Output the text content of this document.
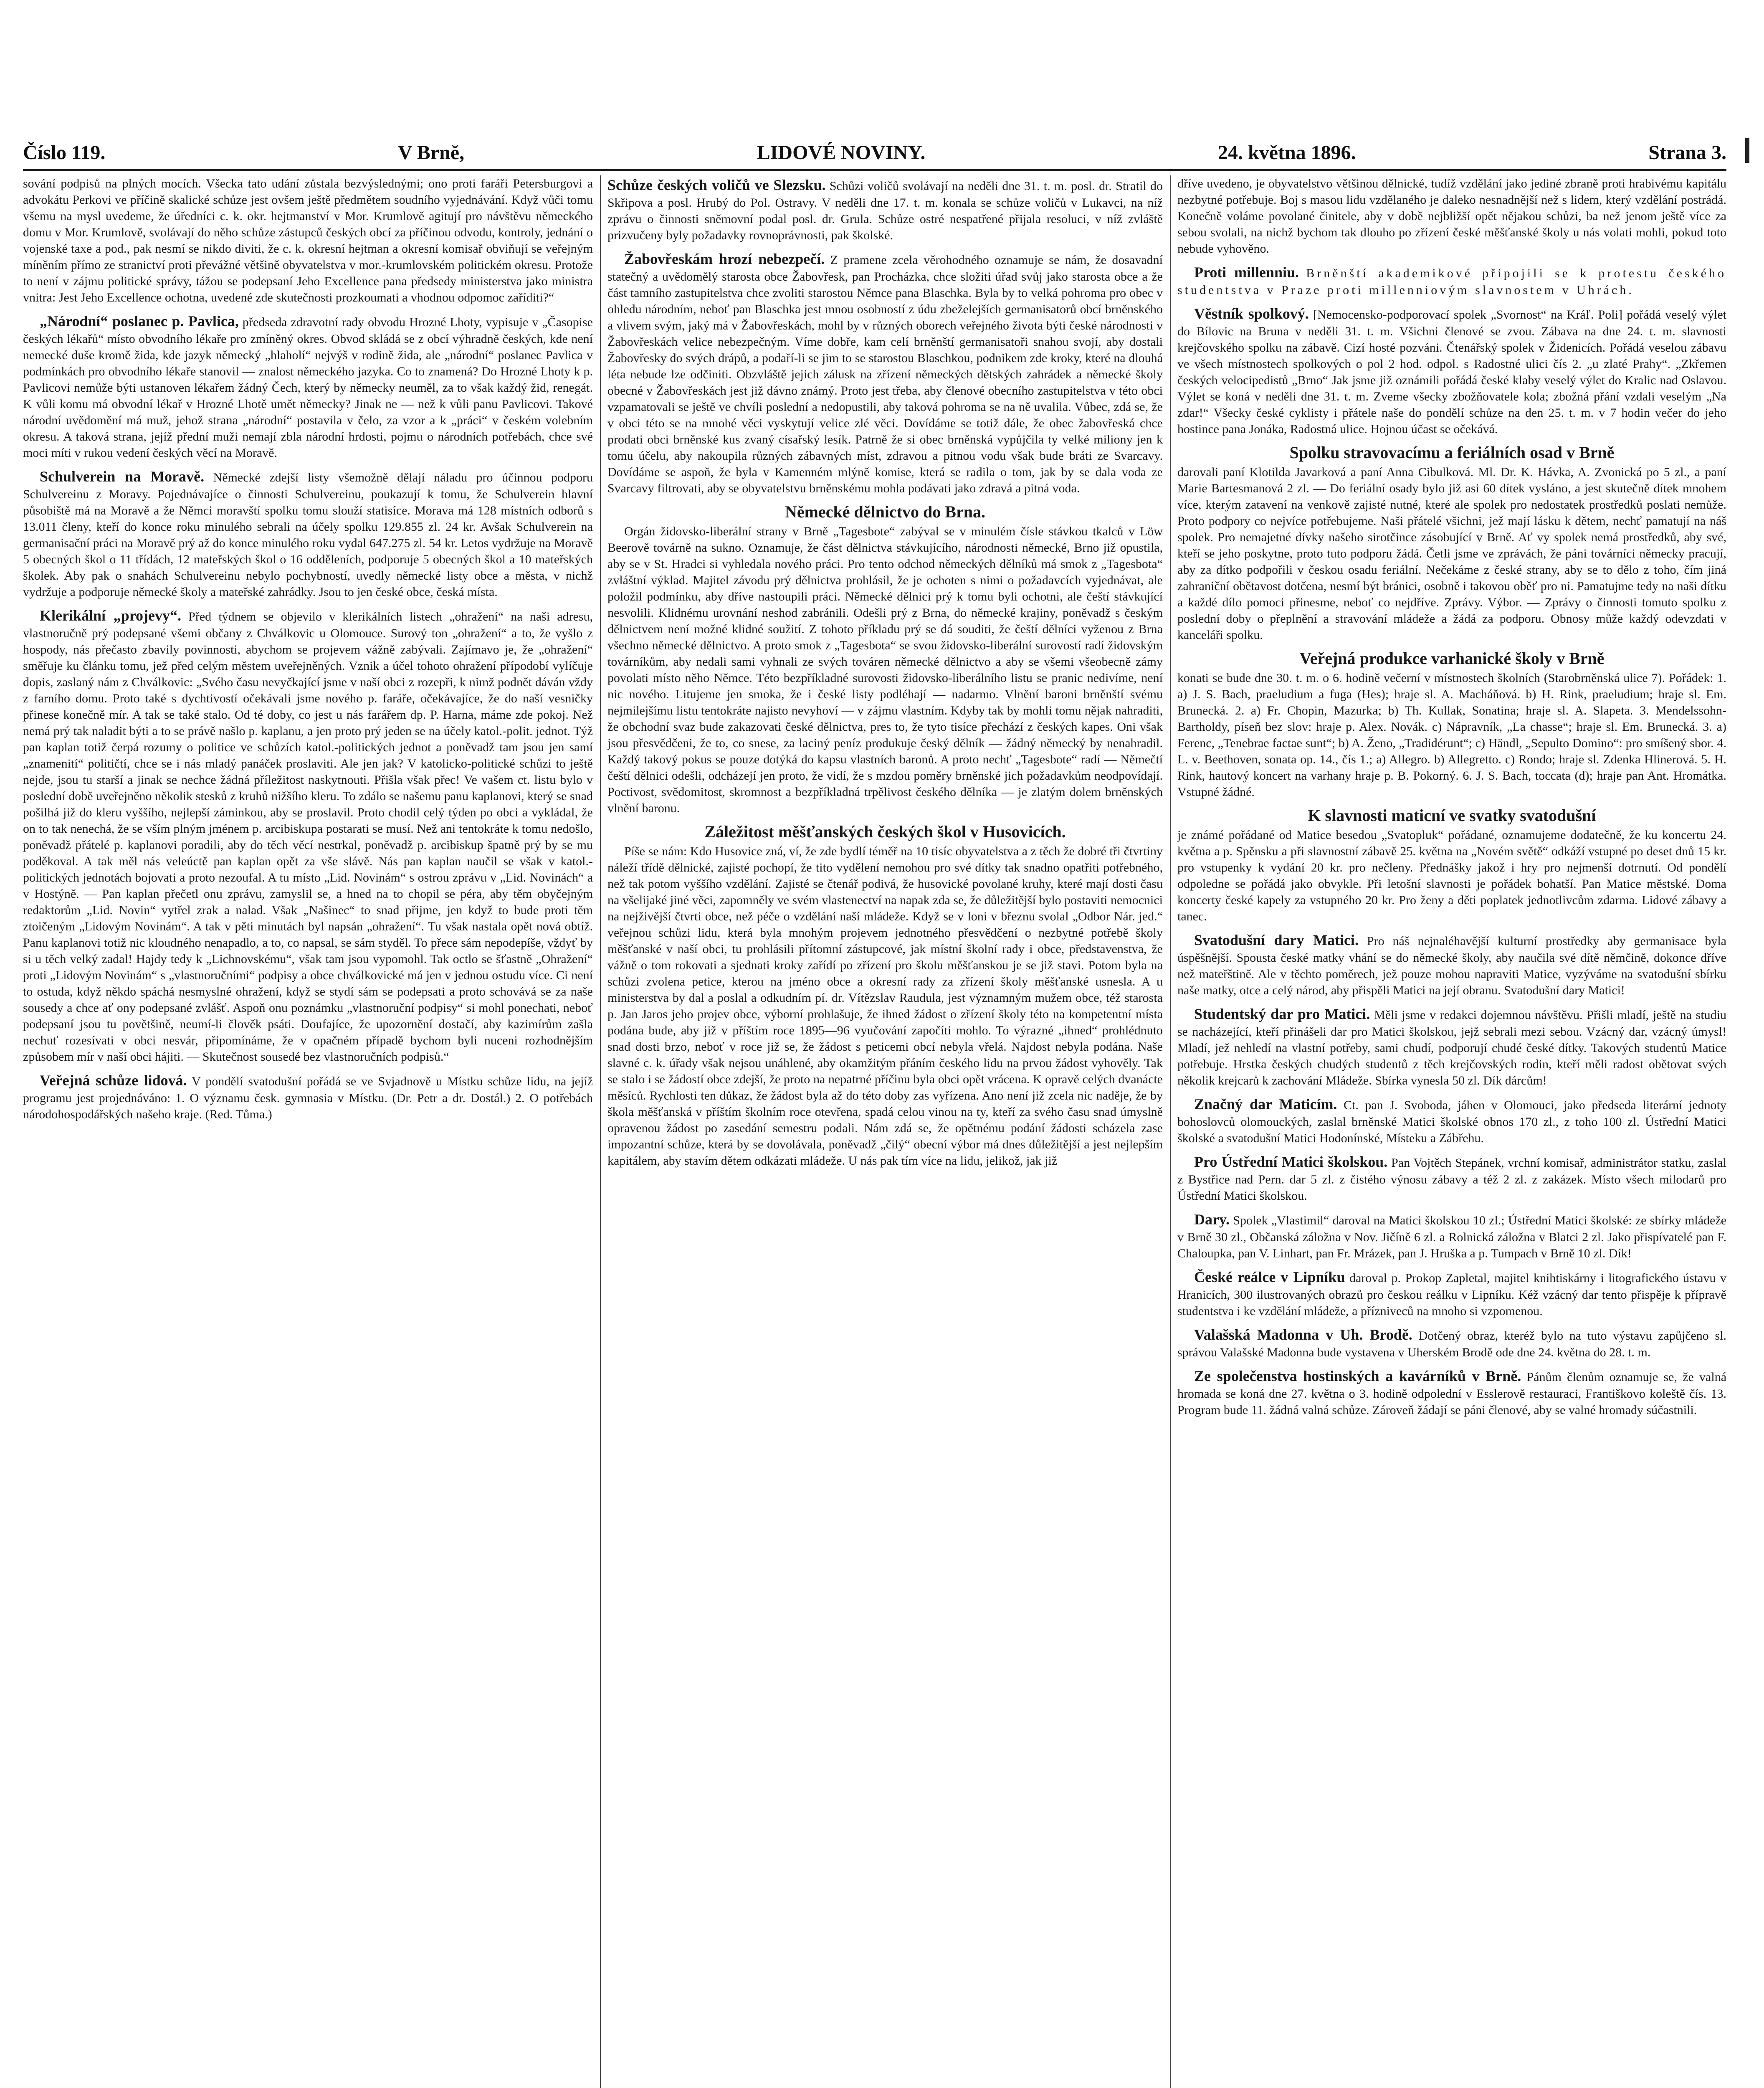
Číslo 119.	V Brně,	LIDOVÉ NOVINY.	24. května 1896.	Strana 3.

sování podpisů na plných mocích. Všecka tato udání zůstala bezvýslednými; ono proti faráři Petersburgovi a advokátu Perkovi ve příčině skalické schůze jest ovšem ještě předmětem soudního vyjednávání. Když vůči tomu všemu na mysl uvedeme, že úředníci c. k. okr. hejtmanství v Mor. Krumlově agitují pro návštěvu německého domu v Mor. Krumlově, svolávají do něho schůze zástupců českých obcí za příčinou odvodu, kontroly, jednání o vojenské taxe a pod., pak nesmí se nikdo diviti, že c. k. okresní hejtman a okresní komisař obviňují se veřejným míněním přímo ze stranictví proti převážné většině obyvatelstva v mor.-krumlovském politickém okresu. Protože to není v zájmu politické správy, tážou se podepsaní Jeho Excellence pana předsedy ministerstva jako ministra vnitra: Jest Jeho Excellence ochotna, uvedené zde skutečnosti prozkoumati a vhodnou odpomoc zaříditi?“

„Národní“ poslanec p. Pavlica, předseda zdravotní rady obvodu Hrozné Lhoty, vypisuje v „Časopise českých lékařů“ místo obvodního lékaře pro zmíněný okres. Obvod skládá se z obcí výhradně českých, kde není nemecké duše kromě žida, kde jazyk německý „hlaholí“ nejvýš v rodině žida, ale „národní“ poslanec Pavlica v podmínkách pro obvodního lékaře stanovil — znalost německého jazyka. Co to znamená? Do Hrozné Lhoty k p. Pavlicovi nemůže býti ustanoven lékařem žádný Čech, který by německy neuměl, za to však každý žid, renegát. K vůli komu má obvodní lékař v Hrozné Lhotě umět německy? Jinak ne — než k vůli panu Pavlicovi. Takové národní uvědomění má muž, jehož strana „národní“ postavila v čelo, za vzor a k „práci“ v českém volebním okresu. A taková strana, jejíž přední muži nemají zbla národní hrdosti, pojmu o národních potřebách, chce své moci míti v rukou vedení českých věcí na Moravě.

Schulverein na Moravě. Německé zdejší listy všemožně dělají náladu pro účinnou podporu Schulvereinu z Moravy. Pojednávajíce o činnosti Schulvereinu, poukazují k tomu, že Schulverein hlavní působiště má na Moravě a že Němci moravští spolku tomu slouží statisíce. Morava má 128 místních odborů s 13.011 členy, kteří do konce roku minulého sebrali na účely spolku 129.855 zl. 24 kr. Avšak Schulverein na germanisační práci na Moravě prý až do konce minulého roku vydal 647.275 zl. 54 kr. Letos vydržuje na Moravě 5 obecných škol o 11 třídách, 12 mateřských škol o 16 odděleních, podporuje 5 obecných škol a 10 mateřských školek. Aby pak o snahách Schulvereinu nebylo pochybností, uvedly německé listy obce a města, v nichž vydržuje a podporuje německé školy a mateřské zahrádky. Jsou to jen české obce, česká místa.

Klerikální „projevy“. Před týdnem se objevilo v klerikálních listech „ohražení“ na naši adresu, vlastnoručně prý podepsané všemi občany z Chválkovic u Olomouce. Surový ton „ohražení“ a to, že vyšlo z hospody, nás přečasto zbavily povinnosti, abychom se projevem vážně zabývali. Zajímavo je, že „ohražení“ směřuje ku článku tomu, jež před celým městem uveřejněných. Vznik a účel tohoto ohražení přípodobí vylíčuje dopis, zaslaný nám z Chválkovic: „Svého času nevyčkající jsme v naší obci z rozepři, k nimž podnět dáván vždy z farního domu. Proto také s dychtivostí očekávali jsme nového p. faráře, očekávajíce, že do naší vesničky přinese konečně mír. A tak se také stalo. Od té doby, co jest u nás farářem dp. P. Harna, máme zde pokoj. Než nemá prý tak naladit býti a to se právě našlo p. kaplanu, a jen proto prý jeden se na účely katol.-polit. jednot. Týž pan kaplan totiž čerpá rozumy o politice ve schůzích katol.-politických jednot a poněvadž tam jsou jen samí „znamenití“ političtí, chce se i nás mladý panáček proslaviti. Ale jen jak? V katolicko-politické schůzi to ještě nejde, jsou tu starší a jinak se nechce žádná příležitost naskytnouti. Přišla však přec! Ve vašem ct. listu bylo v poslední době uveřejněno několik stesků z kruhů nižšího kleru. To zdálo se našemu panu kaplanovi, který se snad pošilhá již do kleru vyššího, nejlepší záminkou, aby se proslavil. Proto chodil celý týden po obci a vykládal, že on to tak nenechá, že se vším plným jménem p. arcibiskupa postarati se musí. Než ani tentokráte k tomu nedošlo, poněvadž přátelé p. kaplanovi poradili, aby do těch věcí nestrkal, poněvadž p. arcibiskup špatně prý by se mu poděkoval. A tak měl nás veleúctě pan kaplan opět za vše slávě. Nás pan kaplan naučil se však v katol.-politických jednotách bojovati a proto nezoufal. A tu místo „Lid. Novinám“ s ostrou zprávu v „Lid. Novinách“ a v Hostýně. — Pan kaplan přečetl onu zprávu, zamyslil se, a hned na to chopil se péra, aby těm obyčejným redaktorům „Lid. Novin“ vytřel zrak a nalad. Však „Našinec“ to snad přijme, jen když to bude proti těm ztoičeným „Lidovým Novinám“. A tak v pěti minutách byl napsán „ohražení“. Tu však nastala opět nová obtíž. Panu kaplanovi totiž nic kloudného nenapadlo, a to, co napsal, se sám styděl. To přece sám nepodepíše, vždyť by si u těch velký zadal! Hajdy tedy k „Lichnovskému“, však tam jsou vypomohl. Tak octlo se šťastně „Ohražení“ proti „Lidovým Novinám“ s „vlastnoručními“ podpisy a obce chválkovické má jen v jednou ostudu více. Ci není to ostuda, když někdo spáchá nesmyslné ohražení, když se stydí sám se podepsati a proto schovává se za naše sousedy a chce ať ony podepsané zvlášť. Aspoň onu poznámku „vlastnoruční podpisy“ si mohl ponechati, neboť podepsaní jsou tu povětšině, neumí-li člověk psáti. Doufajíce, že upozornění dostačí, aby kazimírům zašla nechuť rozesívati v obci nesvár, připomínáme, že v opačném případě bychom byli nuceni rozhodnějším způsobem mír v naší obci hájiti. — Skutečnost sousedé bez vlastnoručních podpisů.“

Veřejná schůze lidová. V pondělí svatodušní pořádá se ve Svjadnově u Místku schůze lidu, na jejíž programu jest projednáváno: 1. O významu česk. gymnasia v Místku. (Dr. Petr a dr. Dostál.) 2. O potřebách národohospodářských našeho kraje. (Red. Tůma.)

Schůze českých voličů ve Slezsku. Schůzi voličů svolávají na neděli dne 31. t. m. posl. dr. Stratil do Skřipova a posl. Hrubý do Pol. Ostravy. V neděli dne 17. t. m. konala se schůze voličů v Lukavci, na níž zprávu o činnosti sněmovní podal posl. dr. Grula. Schůze ostré nespatřené přijala resoluci, v níž zvláště prizvučeny byly požadavky rovnoprávnosti, pak školské.

Žabovřeskám hrozí nebezpečí. Z pramene zcela věrohodného oznamuje se nám, že dosavadní statečný a uvědomělý starosta obce Žabovřesk, pan Procházka, chce složiti úřad svůj jako starosta obce a že část tamního zastupitelstva chce zvoliti starostou Němce pana Blaschka. Byla by to velká pohroma pro obec v ohledu národním, neboť pan Blaschka jest mnou osobností z údu zbeželejších germanisatorů obcí brněnského a vlivem svým, jaký má v Žabovřeskách, mohl by v různých oborech veřejného života býti české národnosti v Žabovřeskách velice nebezpečným. Víme dobře, kam celí brněnští germanisatoři snahou svojí, aby dostali Žabovřesky do svých drápů, a podaří-li se jim to se starostou Blaschkou, podnikem zde kroky, které na dlouhá léta nebude lze odčiniti. Obzvláště jejich zálusk na zřízení německých dětských zahrádek a německé školy obecné v Žabovřeskách jest již dávno známý. Proto jest třeba, aby členové obecního zastupitelstva v této obci vzpamatovali se ještě ve chvíli poslední a nedopustili, aby taková pohroma se na ně uvalila. Vůbec, zdá se, že v obci této se na mnohé věci vyskytují velice zlé věci. Dovídáme se totiž dále, že obec žabovřeská chce prodati obci brněnské kus zvaný císařský lesík. Patrně že si obec brněnská vypůjčila ty velké miliony jen k tomu účelu, aby nakoupila různých zábavných míst, zdravou a pitnou vodu však bude bráti ze Svarcavy. Dovídáme se aspoň, že byla v Kamenném mlýně komise, která se radila o tom, jak by se dala voda ze Svarcavy filtrovati, aby se obyvatelstvu brněnskému mohla podávati jako zdravá a pitná voda.

Německé dělnictvo do Brna.

Orgán židovsko-liberální strany v Brně „Tagesbote“ zabýval se v minulém čísle stávkou tkalců v Löw Beerově továrně na sukno. Oznamuje, že část dělnictva stávkujícího, národnosti německé, Brno již opustila, aby se v St. Hradci si vyhledala nového práci. Pro tento odchod německých dělníků má smok z „Tagesbota“ zvláštní výklad. Majitel závodu prý dělnictva prohlásil, že je ochoten s nimi o požadavcích vyjednávat, ale položil podmínku, aby dříve nastoupili práci. Německé dělnici prý k tomu byli ochotni, ale čeští stávkující nesvolili. Klidnému urovnání neshod zabránili. Odešli prý z Brna, do německé krajiny, poněvadž s českým dělnictvem není možné klidné soužití. Z tohoto příkladu prý se dá souditi, že čeští dělníci vyženou z Brna všechno německé dělnictvo. A proto smok z „Tagesbota“ se svou židovsko-liberální surovostí radí židovským továrníkům, aby nedali sami vyhnali ze svých továren německé dělnictvo a aby se všemi všeobecně zámy povolati místo něho Němce. Této bezpříkladné surovosti židovsko-liberálního listu se pranic nedivíme, není nic nového. Litujeme jen smoka, že i české listy podléhají — nadarmo. Vlnění baroni brněnští svému nejmilejšímu listu tentokráte najisto nevyhoví — v zájmu vlastním. Kdyby tak by mohli tomu nějak nahraditi, že obchodní svaz bude zakazovati české dělnictva, pres to, že tyto tisíce přechází z českých kapes. Oni však jsou přesvědčeni, že to, co snese, za laciný peníz produkuje český dělník — žádný německý by nenahradil. Každý takový pokus se pouze dotýká do kapsu vlastních baronů. A proto nechť „Tagesbote“ radí — Němečtí čeští dělnici odešli, odcházejí jen proto, že vidí, že s mzdou poměry brněnské jich požadavkům neodpovídají. Poctivost, svědomitost, skromnost a bezpříkladná trpělivost českého dělníka — je zlatým dolem brněnských vlnění baronu.

Záležitost měšťanských českých škol v Husovicích.

Píše se nám: Kdo Husovice zná, ví, že zde bydlí téměř na 10 tisíc obyvatelstva a z těch že dobré tři čtvrtiny náleží třídě dělnické, zajisté pochopí, že tito vydělení nemohou pro své dítky tak snadno opatřiti potřebného, než tak potom vyššího vzdělání. Zajisté se čtenář podivá, že husovické povolané kruhy, které mají dosti času na všelijaké jiné věci, zapomněly ve svém vlastenectví na napak zda se, že důležitější bylo postaviti nemocnici na nejživější čtvrti obce, než péče o vzdělání naší mládeže. Když se v loni v březnu svolal „Odbor Nár. jed.“ veřejnou schůzi lidu, která byla mnohým projevem jednotného přesvědčení o nezbytné potřebě školy měšťanské v naší obci, tu prohlásili přítomní zástupcové, jak místní školní rady i obce, představenstva, že vážně o tom rokovati a sjednati kroky zařídí po zřízení pro školu měšťanskou je se již stavi. Potom byla na schůzi zvolena petice, kterou na jméno obce a okresní rady za zřízení školy měšťanské usnesla. A u ministerstva by dal a poslal a odkudním pí. dr. Vítězslav Raudula, jest významným mužem obce, též starosta p. Jan Jaros jeho projev obce, výborní prohlašuje, že ihned žádost o zřízení školy této na kompetentní místa podána bude, aby již v příštím roce 1895—96 vyučování započíti mohlo. To výrazné „ihned“ prohlédnuto snad dosti brzo, neboť v roce již se, že žádost s peticemi obcí nebyla vřelá. Najdost nebyla podána. Naše slavné c. k. úřady však nejsou unáhlené, aby okamžitým přáním českého lidu na prvou žádost vyhověly. Tak se stalo i se žádostí obce zdejší, že proto na nepatrné příčinu byla obci opět vrácena. K opravě celých dvanácte měsíců. Rychlosti ten důkaz, že žádost byla až do této doby zas vyřízena. Ano není již zcela nic naděje, že by škola měšťanská v příštím školním roce otevřena, spadá celou vinou na ty, kteří za svého času snad úmyslně opravenou žádost po zasedání semestru podali. Nám zdá se, že opětnému podání žádosti scházela zase impozantní schůze, která by se dovolávala, poněvadž „čilý“ obecní výbor má dnes důležitější a jest nejlepším kapitálem, aby stavím dětem odkázati mládeže. U nás pak tím více na lidu, jelikož, jak již

dříve uvedeno, je obyvatelstvo většinou dělnické, tudíž vzdělání jako jediné zbraně proti hrabivému kapitálu nezbytné potřebuje. Boj s masou lidu vzdělaného je daleko nesnadnější než s lidem, který vzdělání postrádá. Konečně voláme povolané činitele, aby v době nejbližší opět nějakou schůzi, ba než jenom ještě více za sebou svolali, na nichž bychom tak dlouho po zřízení české měšťanské školy u nás volati mohli, pokud toto nebude vyhověno.

Proti millenniu. Brněnští akademikové připojili se k protestu českého studentstva v Praze proti millenniovým slavnostem v Uhrách.

Věstník spolkový. [Nemocensko-podporovací spolek „Svornost“ na Kráľ. Poli] pořádá veselý výlet do Bílovic na Bruna v neděli 31. t. m. Všichni členové se zvou. Zábava na dne 24. t. m. slavnosti krejčovského spolku na zábavě. Cizí hosté pozváni. Čtenářský spolek v Židenicích. Pořádá veselou zábavu ve všech místnostech spolkových o pol 2 hod. odpol. s Radostné ulici čís 2. „u zlaté Prahy“. „Zkřemen českých velocipedistů „Brno“ Jak jsme již oznámili pořádá české klaby veselý výlet do Kralic nad Oslavou. Výlet se koná v neděli dne 31. t. m. Zveme všecky zbožňovatele kola; zbožná přání vzdali veselým „Na zdar!“ Všecky české cyklisty i přátele naše do pondělí schůze na den 25. t. m. v 7 hodin večer do jeho hostince pana Jonáka, Radostná ulice. Hojnou účast se očekává.

Spolku stravovacímu a feriálních osad v Brně

darovali paní Klotilda Javarková a paní Anna Cibulková. Ml. Dr. K. Hávka, A. Zvonická po 5 zl., a paní Marie Bartesmanová 2 zl. — Do feriální osady bylo již asi 60 dítek vysláno, a jest skutečně dítek mnohem více, kterým zatavení na venkově zajisté nutné, které ale spolek pro nedostatek prostředků poslati nemůže. Proto podpory co nejvíce potřebujeme. Naši přátelé všichni, jež mají lásku k dětem, nechť pamatují na náš spolek. Pro nemajetné dívky našeho sirotčince zásobující v Brně. Ať vy spolek nemá prostředků, aby své, kteří se jeho poskytne, proto tuto podporu žádá. Četli jsme ve zprávách, že páni továrníci německy pracují, aby za dítko podpořili v českou osadu feriální. Nečekáme z české strany, aby se to dělo z toho, čím jiná zahraniční obětavost dotčena, nesmí být bránici, osobně i takovou oběť pro ni. Pamatujme tedy na naši dítku a každé dílo pomoci přinesme, neboť co nejdříve. Zprávy. Výbor. — Zprávy o činnosti tomuto spolku z poslední doby o přeplnění a stravování mládeže a žádá za podporu. Obnosy může každý odevzdati v kanceláři spolku.

Veřejná produkce varhanické školy v Brně

konati se bude dne 30. t. m. o 6. hodině večerní v místnostech školních (Starobrněnská ulice 7). Pořádek: 1. a) J. S. Bach, praeludium a fuga (Hes); hraje sl. A. Macháňová. b) H. Rink, praeludium; hraje sl. Em. Brunecká. 2. a) Fr. Chopin, Mazurka; b) Th. Kullak, Sonatina; hraje sl. A. Slapeta. 3. Mendelssohn-Bartholdy, píseň bez slov: hraje p. Alex. Novák. c) Nápravník, „La chasse“; hraje sl. Em. Brunecká. 3. a) Ferenc, „Tenebrae factae sunt“; b) A. Ženo, „Tradidérunt“; c) Händl, „Sepulto Domino“: pro smíšený sbor. 4. L. v. Beethoven, sonata op. 14., čís 1.; a) Allegro. b) Allegretto. c) Rondo; hraje sl. Zdenka Hlinerová. 5. H. Rink, hautový koncert na varhany hraje p. B. Pokorný. 6. J. S. Bach, toccata (d); hraje pan Ant. Hromátka. Vstupné žádné.

K slavnosti maticní ve svatky svatodušní

je známé pořádané od Matice besedou „Svatopluk“ pořádané, oznamujeme dodatečně, že ku koncertu 24. května a p. Spěnsku a při slavnostní zábavě 25. května na „Novém světě“ odkáží vstupné po deset dnů 15 kr. pro vstupenky k vydání 20 kr. pro nečleny. Přednášky jakož i hry pro nejmenší dotrnutí. Od pondělí odpoledne se pořádá jako obvykle. Při letošní slavnosti je pořádek bohatší. Pan Matice městské. Doma koncerty české kapely za vstupného 20 kr. Pro ženy a děti poplatek jednotlivcům zdarma. Lidové zábavy a tanec.

Svatodušní dary Matici. Pro náš nejnaléhavější kulturní prostředky aby germanisace byla úspěšnější. Spousta české matky vhání se do německé školy, aby naučila své dítě němčině, dokonce dříve než mateřštině. Ale v těchto poměrech, jež pouze mohou napraviti Matice, vyzýváme na svatodušní sbírku naše matky, otce a celý národ, aby přispěli Matici na její obranu. Svatodušní dary Matici!

Studentský dar pro Matici. Měli jsme v redakci dojemnou návštěvu. Přišli mladí, ještě na studiu se nacházející, kteří přinášeli dar pro Matici školskou, jejž sebrali mezi sebou. Vzácný dar, vzácný úmysl! Mladí, jež nehledí na vlastní potřeby, sami chudí, podporují chudé české dítky. Takových studentů Matice potřebuje. Hrstka českých chudých studentů z těch krejčovských rodin, kteří měli radost obětovat svých několik krejcarů k zachování Mládeže. Sbírka vynesla 50 zl. Dík dárcům!

Značný dar Maticím. Ct. pan J. Svoboda, jáhen v Olomouci, jako předseda literární jednoty bohoslovců olomouckých, zaslal brněnské Matici školské obnos 170 zl., z toho 100 zl. Ústřední Matici školské a svatodušní Matici Hodonínské, Místeku a Zábřehu.

Pro Ústřední Matici školskou. Pan Vojtěch Stepánek, vrchní komisař, administrátor statku, zaslal z Bystřice nad Pern. dar 5 zl. z čistého výnosu zábavy a též 2 zl. z zakázek. Místo všech milodarů pro Ústřední Matici školskou.

Dary. Spolek „Vlastimil“ daroval na Matici školskou 10 zl.; Ústřední Matici školské: ze sbírky mládeže v Brně 30 zl., Občanská záložna v Nov. Jičíně 6 zl. a Rolnická záložna v Blatci 2 zl. Jako přispívatelé pan F. Chaloupka, pan V. Linhart, pan Fr. Mrázek, pan J. Hruška a p. Tumpach v Brně 10 zl. Dík!

České reálce v Lipníku daroval p. Prokop Zapletal, majitel knihtiskárny i litografického ústavu v Hranicích, 300 ilustrovaných obrazů pro českou reálku v Lipníku. Kéž vzácný dar tento přispěje k přípravě studentstva i ke vzdělání mládeže, a přízniveců na mnoho si vzpomenou.

Valašská Madonna v Uh. Brodě. Dotčený obraz, kteréž bylo na tuto výstavu zapůjčeno sl. správou Valašské Madonna bude vystavena v Uherském Brodě ode dne 24. května do 28. t. m.

Ze společenstva hostinských a kavárníků v Brně. Pánům členům oznamuje se, že valná hromada se koná dne 27. května o 3. hodině odpolední v Esslerově restauraci, Františkovo koleště čís. 13. Program bude 11. žádná valná schůze. Zároveň žádají se páni členové, aby se valné hromady súčastnili.
